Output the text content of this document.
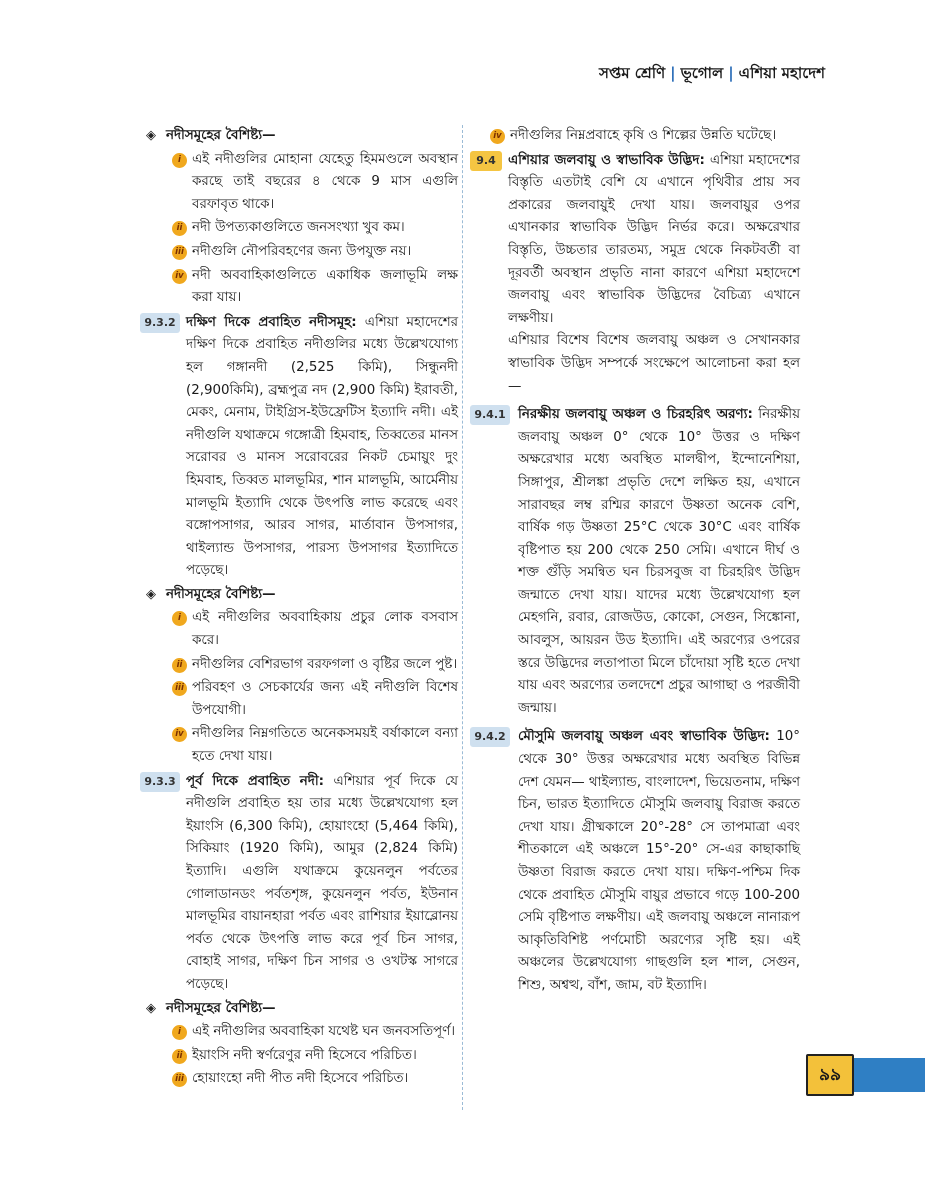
সপ্তম শ্রেণি | ভূগোল | এশিয়া মহাদেশ
◈ নদীসমূহের বৈশিষ্ট্য—
i এই নদীগুলির মোহানা যেহেতু হিমমণ্ডলে অবস্থান করছে তাই বছরের ৪ থেকে 9 মাস এগুলি বরফাবৃত থাকে।
ii নদী উপত্যকাগুলিতে জনসংখ্যা খুব কম।
iii নদীগুলি নৌপরিবহণের জন্য উপযুক্ত নয়।
iv নদী অববাহিকাগুলিতে একাধিক জলাভূমি লক্ষ করা যায়।
9.3.2 দক্ষিণ দিকে প্রবাহিত নদীসমূহ: এশিয়া মহাদেশের দক্ষিণ দিকে প্রবাহিত নদীগুলির মধ্যে উল্লেখযোগ্য হল গঙ্গানদী (2,525 কিমি), সিন্ধুনদী (2,900কিমি), ব্রহ্মপুত্র নদ (2,900 কিমি) ইরাবতী, মেকং, মেনাম, টাইগ্রিস-ইউফ্রেটিস ইত্যাদি নদী। এই নদীগুলি যথাক্রমে গঙ্গোত্রী হিমবাহ, তিব্বতের মানস সরোবর ও মানস সরোবরের নিকট চেমায়ুং দুং হিমবাহ, তিব্বত মালভূমির, শান মালভূমি, আর্মেনীয় মালভূমি ইত্যাদি থেকে উৎপত্তি লাভ করেছে এবং বঙ্গোপসাগর, আরব সাগর, মার্তাবান উপসাগর, থাইল্যান্ড উপসাগর, পারস্য উপসাগর ইত্যাদিতে পড়েছে।
◈ নদীসমূহের বৈশিষ্ট্য—
i এই নদীগুলির অববাহিকায় প্রচুর লোক বসবাস করে।
ii নদীগুলির বেশিরভাগ বরফগলা ও বৃষ্টির জলে পুষ্ট।
iii পরিবহণ ও সেচকার্যের জন্য এই নদীগুলি বিশেষ উপযোগী।
iv নদীগুলির নিম্নগতিতে অনেকসময়ই বর্ষাকালে বন্যা হতে দেখা যায়।
9.3.3 পূর্ব দিকে প্রবাহিত নদী: এশিয়ার পূর্ব দিকে যে নদীগুলি প্রবাহিত হয় তার মধ্যে উল্লেখযোগ্য হল ইয়াংসি (6,300 কিমি), হোয়াংহো (5,464 কিমি), সিকিয়াং (1920 কিমি), আমুর (2,824 কিমি) ইত্যাদি। এগুলি যথাক্রমে কুয়েনলুন পর্বতের গোলাডানডং পর্বতশৃঙ্গ, কুয়েনলুন পর্বত, ইউনান মালভূমির বায়ানহারা পর্বত এবং রাশিয়ার ইয়াব্লোনয় পর্বত থেকে উৎপত্তি লাভ করে পূর্ব চিন সাগর, বোহাই সাগর, দক্ষিণ চিন সাগর ও ওখটস্ক সাগরে পড়েছে।
◈ নদীসমূহের বৈশিষ্ট্য—
i এই নদীগুলির অববাহিকা যথেষ্ট ঘন জনবসতিপূর্ণ।
ii ইয়াংসি নদী স্বর্ণরেণুর নদী হিসেবে পরিচিত।
iii হোয়াংহো নদী পীত নদী হিসেবে পরিচিত।
iv নদীগুলির নিম্নপ্রবাহে কৃষি ও শিল্পের উন্নতি ঘটেছে।
9.4 এশিয়ার জলবায়ু ও স্বাভাবিক উদ্ভিদ: এশিয়া মহাদেশের বিস্তৃতি এতটাই বেশি যে এখানে পৃথিবীর প্রায় সব প্রকারের জলবায়ুই দেখা যায়। জলবায়ুর ওপর এখানকার স্বাভাবিক উদ্ভিদ নির্ভর করে। অক্ষরেখার বিস্তৃতি, উচ্চতার তারতম্য, সমুদ্র থেকে নিকটবর্তী বা দূরবর্তী অবস্থান প্রভৃতি নানা কারণে এশিয়া মহাদেশে জলবায়ু এবং স্বাভাবিক উদ্ভিদের বৈচিত্র্য এখানে লক্ষণীয়।
এশিয়ার বিশেষ বিশেষ জলবায়ু অঞ্চল ও সেখানকার স্বাভাবিক উদ্ভিদ সম্পর্কে সংক্ষেপে আলোচনা করা হল—
9.4.1 নিরক্ষীয় জলবায়ু অঞ্চল ও চিরহরিৎ অরণ্য: নিরক্ষীয় জলবায়ু অঞ্চল 0° থেকে 10° উত্তর ও দক্ষিণ অক্ষরেখার মধ্যে অবস্থিত মালদ্বীপ, ইন্দোনেশিয়া, সিঙ্গাপুর, শ্রীলঙ্কা প্রভৃতি দেশে লক্ষিত হয়, এখানে সারাবছর লম্ব রশ্মির কারণে উষ্ণতা অনেক বেশি, বার্ষিক গড় উষ্ণতা 25°C থেকে 30°C এবং বার্ষিক বৃষ্টিপাত হয় 200 থেকে 250 সেমি। এখানে দীর্ঘ ও শক্ত গুঁড়ি সমন্বিত ঘন চিরসবুজ বা চিরহরিৎ উদ্ভিদ জন্মাতে দেখা যায়। যাদের মধ্যে উল্লেখযোগ্য হল মেহগনি, রবার, রোজউড, কোকো, সেগুন, সিঙ্কোনা, আবলুস, আয়রন উড ইত্যাদি। এই অরণ্যের ওপরের স্তরে উদ্ভিদের লতাপাতা মিলে চাঁদোয়া সৃষ্টি হতে দেখা যায় এবং অরণ্যের তলদেশে প্রচুর আগাছা ও পরজীবী জন্মায়।
9.4.2 মৌসুমি জলবায়ু অঞ্চল এবং স্বাভাবিক উদ্ভিদ: 10° থেকে 30° উত্তর অক্ষরেখার মধ্যে অবস্থিত বিভিন্ন দেশ যেমন— থাইল্যান্ড, বাংলাদেশ, ভিয়েতনাম, দক্ষিণ চিন, ভারত ইত্যাদিতে মৌসুমি জলবায়ু বিরাজ করতে দেখা যায়। গ্রীষ্মকালে 20°-28° সে তাপমাত্রা এবং শীতকালে এই অঞ্চলে 15°-20° সে-এর কাছাকাছি উষ্ণতা বিরাজ করতে দেখা যায়। দক্ষিণ-পশ্চিম দিক থেকে প্রবাহিত মৌসুমি বায়ুর প্রভাবে গড়ে 100-200 সেমি বৃষ্টিপাত লক্ষণীয়। এই জলবায়ু অঞ্চলে নানারূপ আকৃতিবিশিষ্ট পর্ণমোচী অরণ্যের সৃষ্টি হয়। এই অঞ্চলের উল্লেখযোগ্য গাছগুলি হল শাল, সেগুন, শিশু, অশ্বত্থ, বাঁশ, জাম, বট ইত্যাদি।
৯৯
